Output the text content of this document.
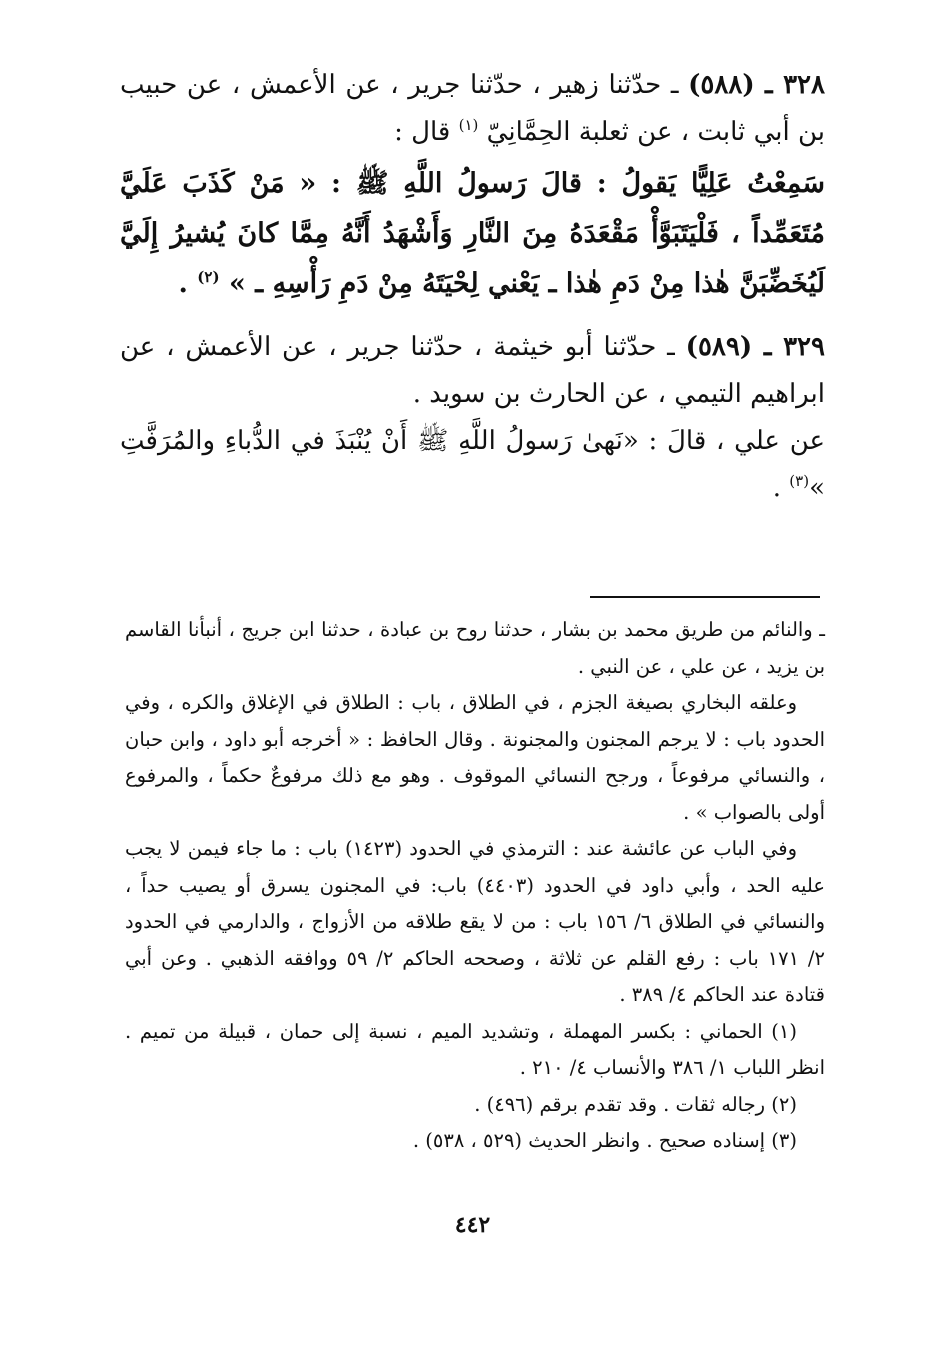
٣٢٨ ـ (٥٨٨) ـ حدّثنا زهير ، حدّثنا جرير ، عن الأعمش ، عن حبيب بن أبي ثابت ، عن ثعلبة الحِمَّانِيّ $^{(١)}$ قال :

سَمِعْتُ عَلِيًّا يَقولُ : قالَ رَسولُ اللَّهِ ﷺ : « مَنْ كَذَبَ عَلَيَّ مُتَعَمِّداً ، فَلْيَتَبَوَّأْ مَقْعَدَهُ مِنَ النَّارِ وَأَشْهَدُ أَنَّهُ مِمَّا كانَ يُشيرُ إِلَيَّ لَيُخَضِّبَنَّ هٰذا مِنْ دَمِ هٰذا ـ يَعْني لِحْيَتَهُ مِنْ دَمِ رَأْسِهِ ـ » $^{(٢)}$ .

٣٢٩ ـ (٥٨٩) ـ حدّثنا أبو خيثمة ، حدّثنا جرير ، عن الأعمش ، عن ابراهيم التيمي ، عن الحارث بن سويد .

عن علي ، قالَ : «نَهىٰ رَسولُ اللَّهِ ﷺ أَنْ يُنْبَذَ في الدُّباءِ والمُرَفَّتِ »$^{(٣)}$ .

ـ والنائم من طريق محمد بن بشار ، حدثنا روح بن عبادة ، حدثنا ابن جريج ، أنبأنا القاسم بن يزيد ، عن علي ، عن النبي .

وعلقه البخاري بصيغة الجزم ، في الطلاق ، باب : الطلاق في الإغلاق والكره ، وفي الحدود باب : لا يرجم المجنون والمجنونة . وقال الحافظ : « أخرجه أبو داود ، وابن حبان ، والنسائي مرفوعاً ، ورجح النسائي الموقوف . وهو مع ذلك مرفوعٌ حكماً ، والمرفوع أولى بالصواب » .

وفي الباب عن عائشة عند : الترمذي في الحدود (١٤٢٣) باب : ما جاء فيمن لا يجب عليه الحد ، وأبي داود في الحدود (٤٤٠٣) باب: في المجنون يسرق أو يصيب حداً ، والنسائي في الطلاق ٦/ ١٥٦ باب : من لا يقع طلاقه من الأزواج ، والدارمي في الحدود ٢/ ١٧١ باب : رفع القلم عن ثلاثة ، وصححه الحاكم ٢/ ٥٩ ووافقه الذهبي . وعن أبي قتادة عند الحاكم ٤/ ٣٨٩ .

(١) الحماني : بكسر المهملة ، وتشديد الميم ، نسبة إلى حمان ، قبيلة من تميم . انظر اللباب ١/ ٣٨٦ والأنساب ٤/ ٢١٠ .

(٢) رجاله ثقات . وقد تقدم برقم (٤٩٦) .

(٣) إسناده صحيح . وانظر الحديث (٥٢٩ ، ٥٣٨) .

٤٤٢
